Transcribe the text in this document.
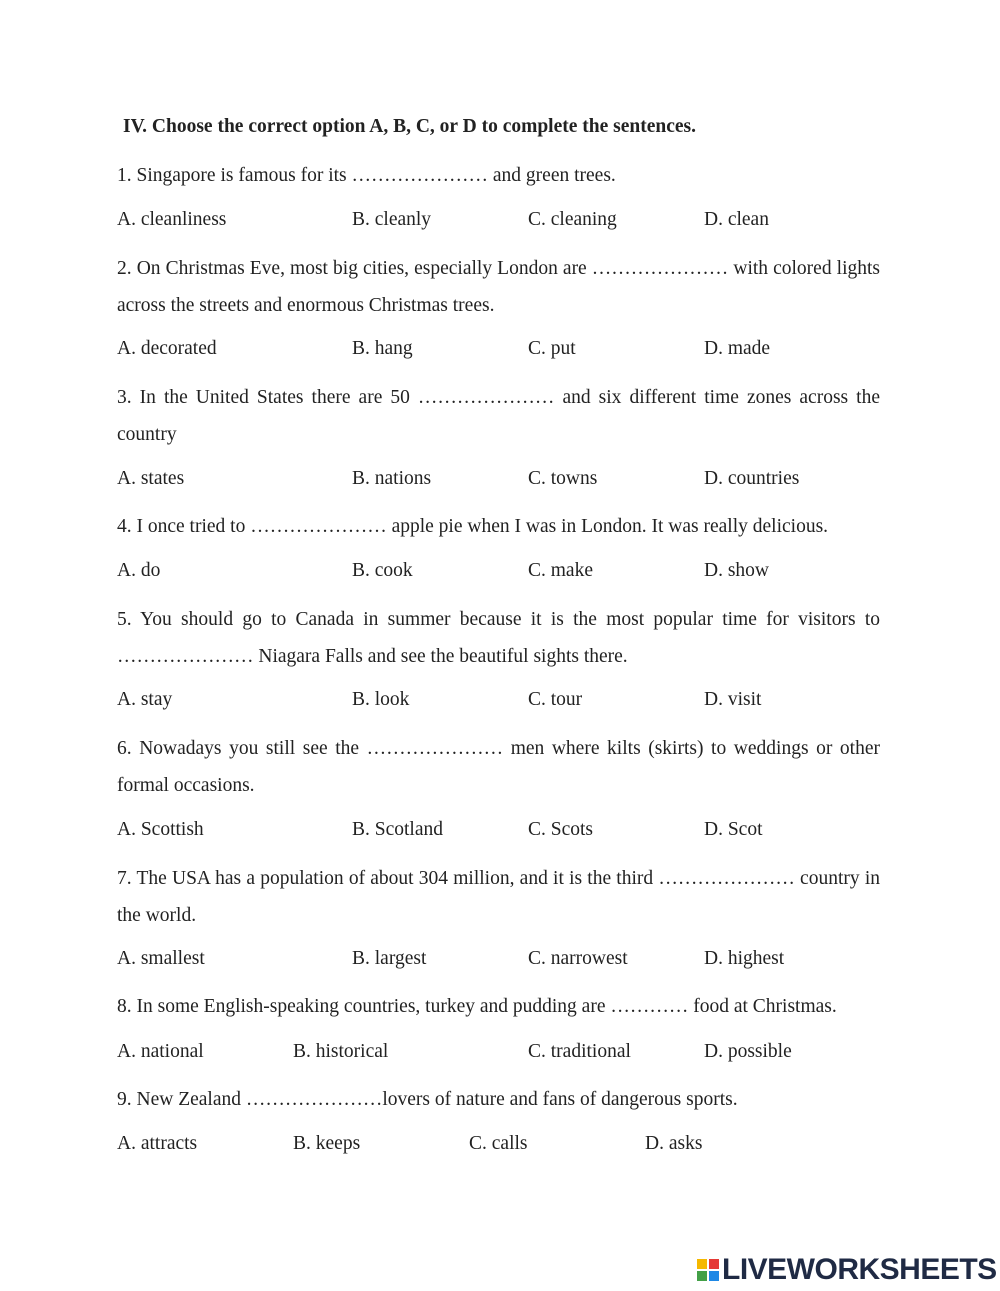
IV. Choose the correct option A, B, C, or D to complete the sentences.
1. Singapore is famous for its ………………… and green trees.
A. cleanliness	B. cleanly	C. cleaning	D. clean
2. On Christmas Eve, most big cities, especially London are ………………… with colored lights across the streets and enormous Christmas trees.
A. decorated	B. hang	C. put	D. made
3. In the United States there are 50 ………………… and six different time zones across the country
A. states	B. nations	C. towns	D. countries
4. I once tried to ………………… apple pie when I was in London. It was really delicious.
A. do	B. cook	C. make	D. show
5. You should go to Canada in summer because it is the most popular time for visitors to ………………… Niagara Falls and see the beautiful sights there.
A. stay	B. look	C. tour	D. visit
6. Nowadays you still see the ………………… men where kilts (skirts) to weddings or other formal occasions.
A. Scottish	B. Scotland	C. Scots	D. Scot
7. The USA has a population of about 304 million, and it is the third ………………… country in the world.
A. smallest	B. largest	C. narrowest	D. highest
8. In some English-speaking countries, turkey and pudding are ………… food at Christmas.
A. national	B. historical	C. traditional	D. possible
9. New Zealand …………………lovers of nature and fans of dangerous sports.
A. attracts	B. keeps	C. calls	D. asks
LIVEWORKSHEETS
